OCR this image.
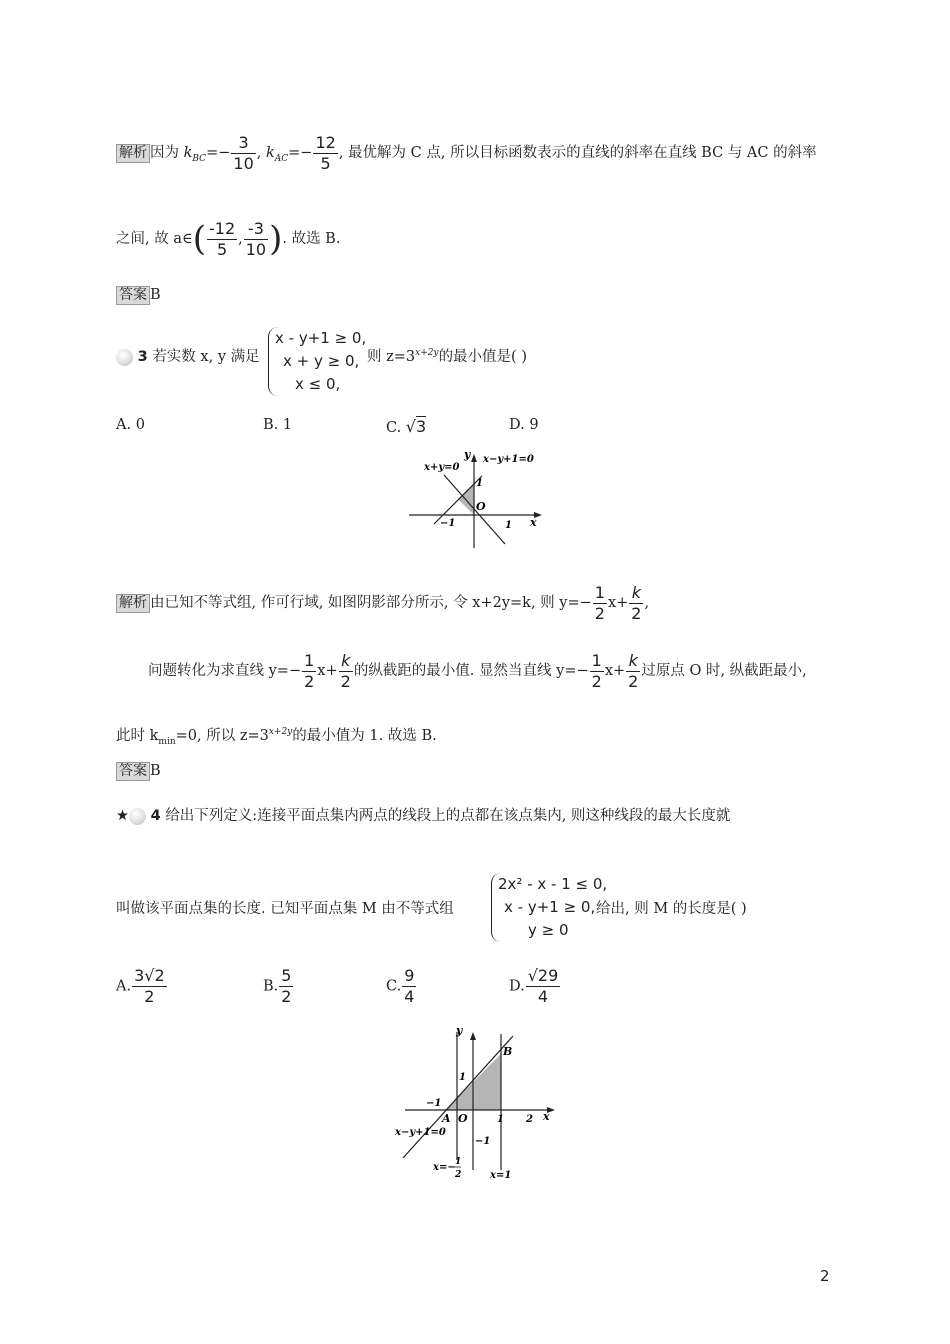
解析 因为 $k_{BC}=- \frac{3}{10}$ , $k_{AC}=- \frac{12}{5}$ , 最优解为 C 点, 所以目标函数表示的直线的斜率在直线 BC 与 AC 的斜率
之间, 故 a∈( $\frac{-12}{5}$ , $\frac{-3}{10}$ ). 故选 B.
答案 B
3 若实数 x, y 满足
x - y+1 ≥ 0,
x + y ≥ 0,
x ≤ 0,
则 $z=3^{x+2y}$的最小值是( )
A. 0	B. 1	C. √3	D. 9
x+y=0
x−y+1=0
y
1
O
−1	1 x
解析 由已知不等式组, 作可行域, 如图阴影部分所示, 令 x+2y=k, 则 $y=- \frac{1}{2} x+ \frac{k}{2}$ ,
问题转化为求直线 $y=- \frac{1}{2} x+ \frac{k}{2}$ 的纵截距的最小值. 显然当直线 $y=- \frac{1}{2} x+ \frac{k}{2}$ 过原点 O 时, 纵截距最小,
此时 $k_{min}=0$, 所以 $z=3^{x+2y}$的最小值为 1. 故选 B.
答案 B
★ 4 给出下列定义:连接平面点集内两点的线段上的点都在该点集内, 则这种线段的最大长度就
叫做该平面点集的长度. 已知平面点集 M 由不等式组
2x² - x - 1 ≤ 0,
x - y+1 ≥ 0,
y ≥ 0
给出, 则 M 的长度是( )
A. $\frac{3√2}{2}$	B. $\frac{5}{2}$	C. $\frac{9}{4}$	D. $\frac{√29}{4}$
y
B
1
−1
A O	1 2 x
x−y+1=0
−1
x=− 1
2	x=1
2
